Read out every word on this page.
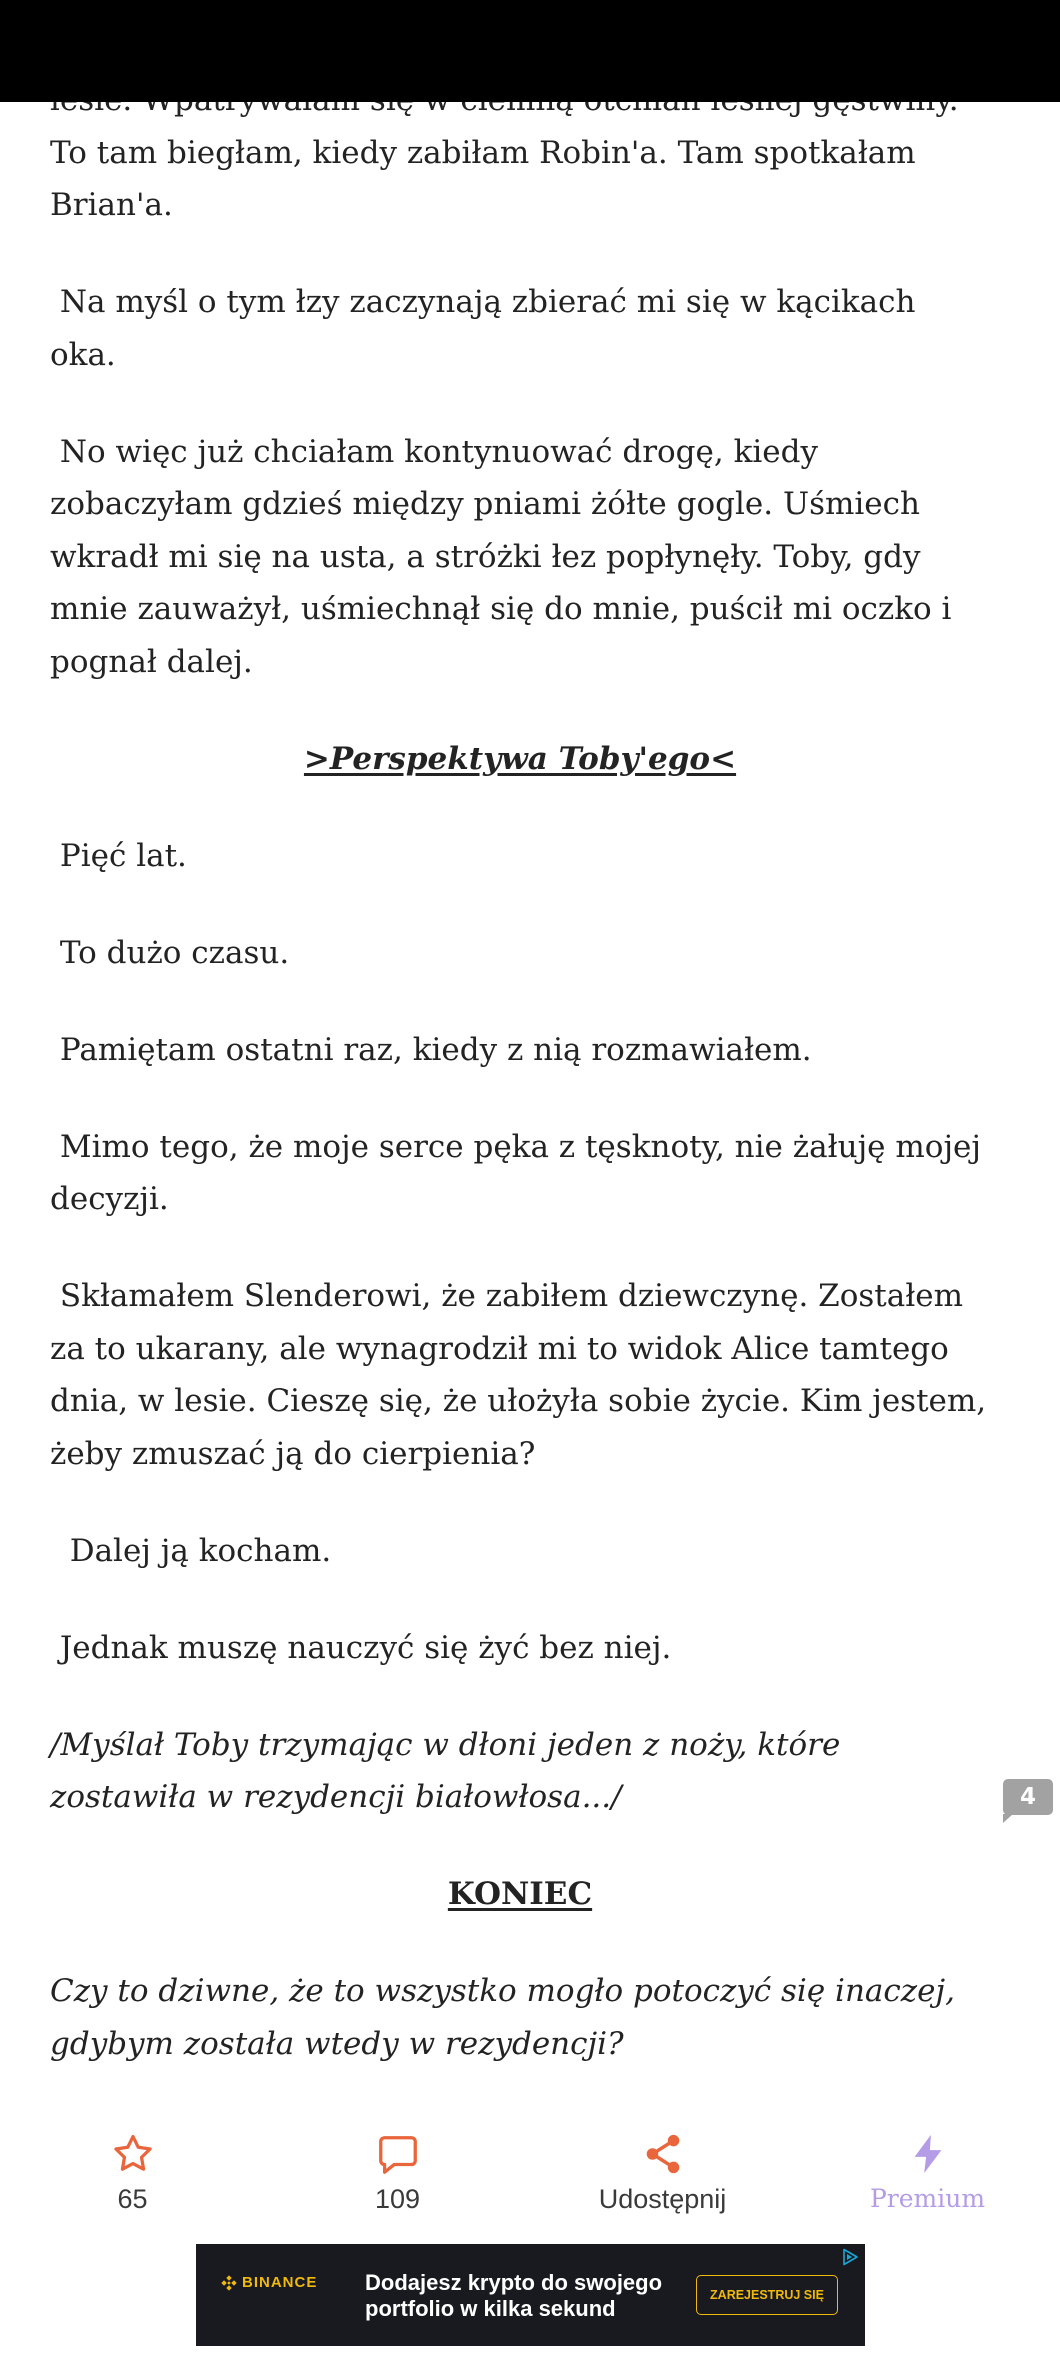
To tam biegłam, kiedy zabiłam Robin'a. Tam spotkałam
Brian'a.
Na myśl o tym łzy zaczynają zbierać mi się w kącikach
oka.
No więc już chciałam kontynuować drogę, kiedy
zobaczyłam gdzieś między pniami żółte gogle. Uśmiech
wkradł mi się na usta, a stróżki łez popłynęły. Toby, gdy
mnie zauważył, uśmiechnął się do mnie, puścił mi oczko i
pognał dalej.
>Perspektywa Toby'ego<
Pięć lat.
To dużo czasu.
Pamiętam ostatni raz, kiedy z nią rozmawiałem.
Mimo tego, że moje serce pęka z tęsknoty, nie żałuję mojej
decyzji.
Skłamałem Slenderowi, że zabiłem dziewczynę. Zostałem
za to ukarany, ale wynagrodził mi to widok Alice tamtego
dnia, w lesie. Cieszę się, że ułożyła sobie życie. Kim jestem,
żeby zmuszać ją do cierpienia?
Dalej ją kocham.
Jednak muszę nauczyć się żyć bez niej.
/Myślał Toby trzymając w dłoni jeden z noży, które
zostawiła w rezydencji białowłosa.../
KONIEC
Czy to dziwne, że to wszystko mogło potoczyć się inaczej,
gdybym została wtedy w rezydencji?
4
65	109	Udostępnij	Premium
BINANCE Dodajesz krypto do swojego
portfolio w kilka sekund
ZAREJESTRUJ SIĘ
